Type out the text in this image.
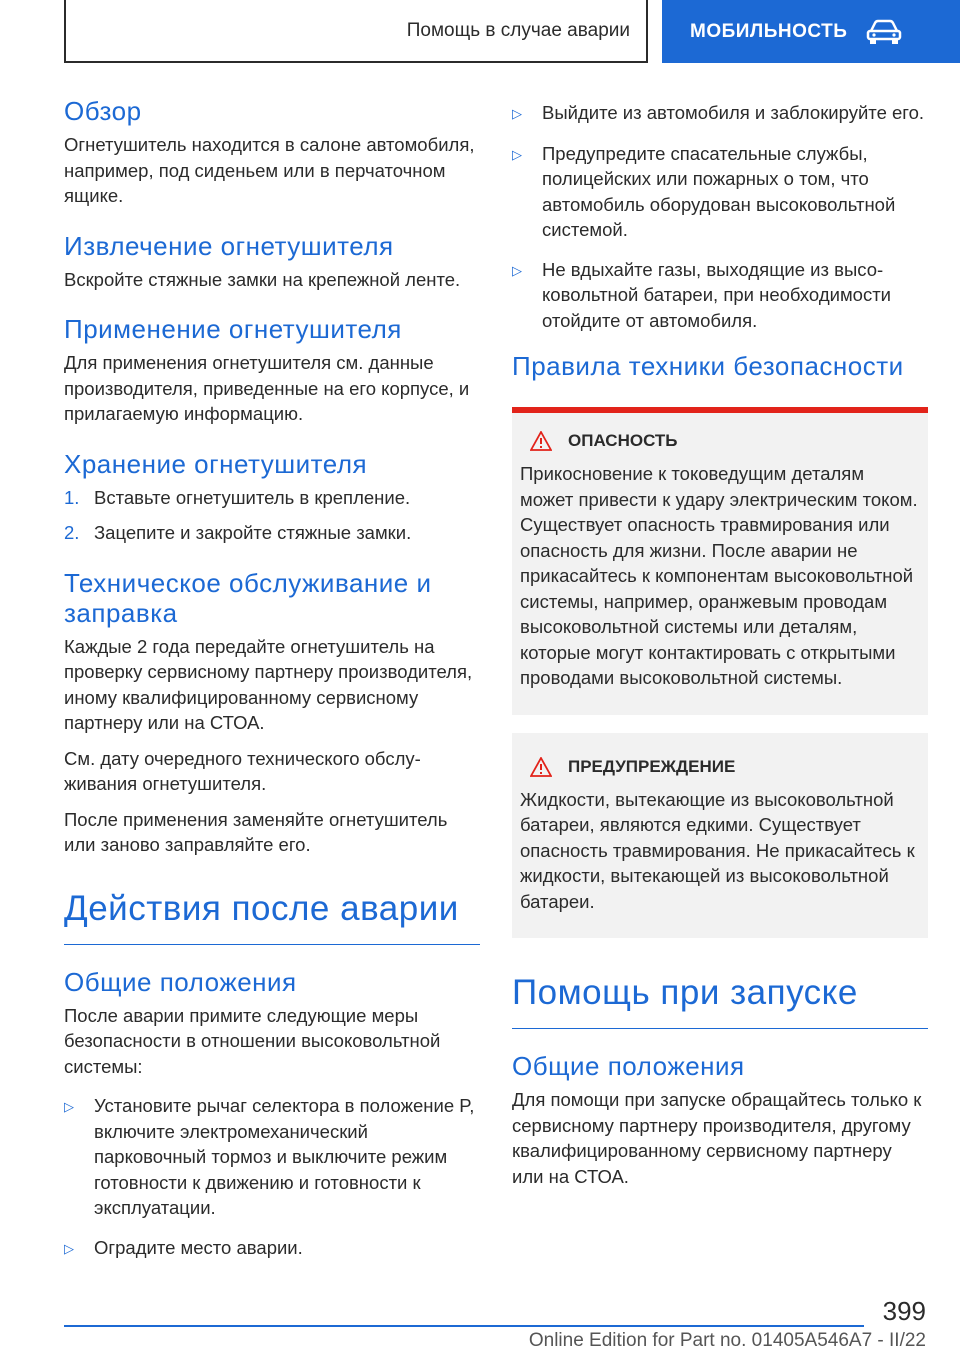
Помощь в случае аварии	МОБИЛЬНОСТЬ
Обзор

Огнетушитель находится в салоне автомобиля, например, под сиденьем или в перчаточном ящике.

Извлечение огнетушителя

Вскройте стяжные замки на крепежной ленте.

Применение огнетушителя

Для применения огнетушителя см. данные производителя, приведенные на его корпусе, и прилагаемую информацию.

Хранение огнетушителя
1. Вставьте огнетушитель в крепление.
2. Зацепите и закройте стяжные замки.
Техническое обслуживание и заправка

Каждые 2 года передайте огнетушитель на проверку сервисному партнеру производителя, иному квалифицированному сервисному партнеру или на СТОА.

См. дату очередного технического обслуживания огнетушителя.

После применения заменяйте огнетушитель или заново заправляйте его.

Действия после аварии
Общие положения

После аварии примите следующие меры безопасности в отношении высоковольтной системы:

▷	Установите рычаг селектора в положение P, включите электромеханический парковочный тормоз и выключите режим готовности к движению и готовности к эксплуатации.
▷	Оградите место аварии.
▷	Выйдите из автомобиля и заблокируйте его.
▷	Предупредите спасательные службы, полицейских или пожарных о том, что автомобиль оборудован высоковольтной системой.
▷	Не вдыхайте газы, выходящие из высоковольтной батареи, при необходимости отойдите от автомобиля.
Правила техники безопасности
ОПАСНОСТЬ

Прикосновение к токоведущим деталям может привести к удару электрическим током. Существует опасность травмирования или опасность для жизни. После аварии не прикасайтесь к компонентам высоковольтной системы, например, оранжевым проводам высоковольтной системы или деталям, которые могут контактировать с открытыми проводами высоковольтной системы.

ПРЕДУПРЕЖДЕНИЕ

Жидкости, вытекающие из высоковольтной батареи, являются едкими. Существует опасность травмирования. Не прикасайтесь к жидкости, вытекающей из высоковольтной батареи.

Помощь при запуске
Общие положения

Для помощи при запуске обращайтесь только к сервисному партнеру производителя, другому квалифицированному сервисному партнеру или на СТОА.

399
Online Edition for Part no. 01405A546A7 - II/22
